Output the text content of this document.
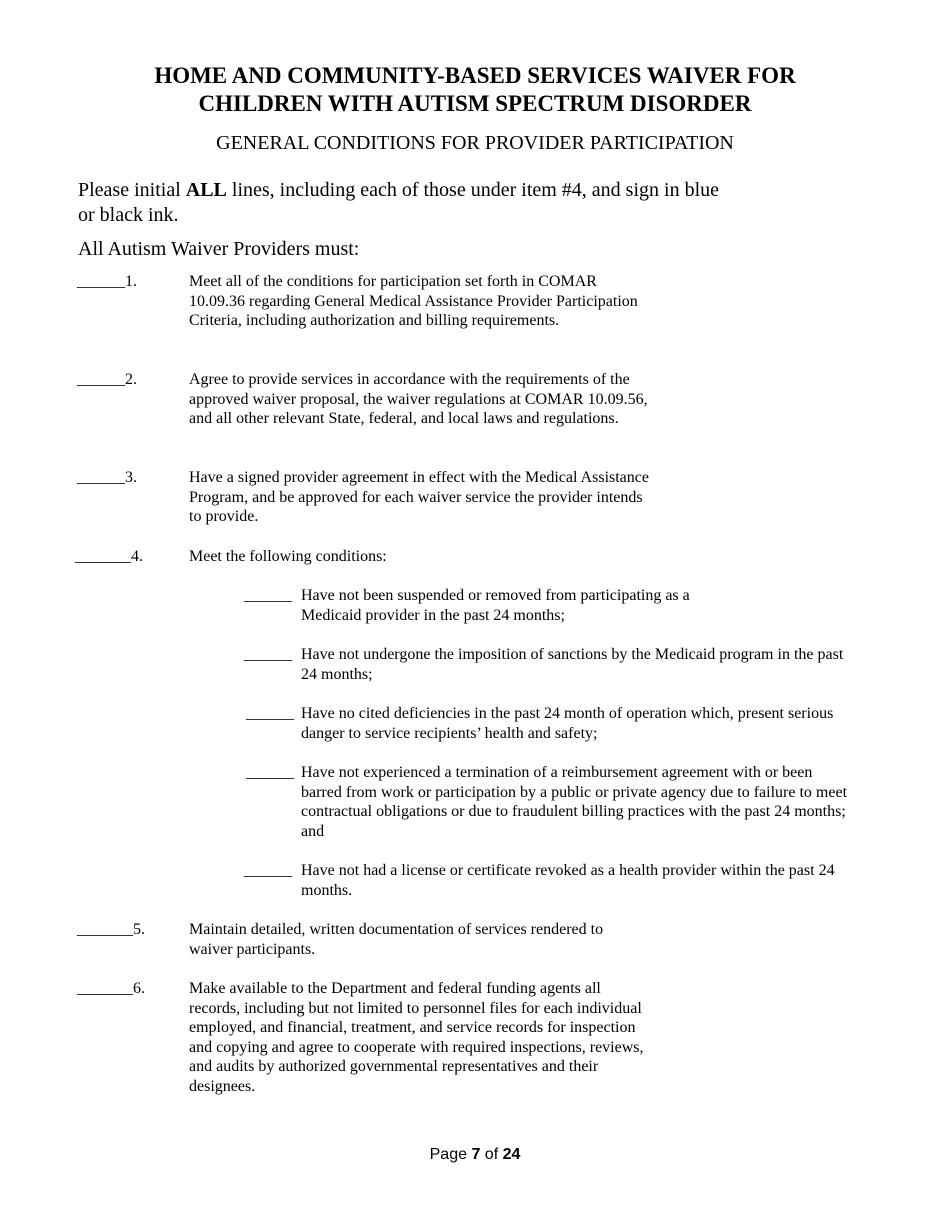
HOME AND COMMUNITY-BASED SERVICES WAIVER FOR
CHILDREN WITH AUTISM SPECTRUM DISORDER
GENERAL CONDITIONS FOR PROVIDER PARTICIPATION
Please initial ALL lines, including each of those under item #4, and sign in blue or black ink.
All Autism Waiver Providers must:
______1.	Meet all of the conditions for participation set forth in COMAR 10.09.36 regarding General Medical Assistance Provider Participation Criteria, including authorization and billing requirements.
______2.	Agree to provide services in accordance with the requirements of the approved waiver proposal, the waiver regulations at COMAR 10.09.56, and all other relevant State, federal, and local laws and regulations.
______3.	Have a signed provider agreement in effect with the Medical Assistance Program, and be approved for each waiver service the provider intends to provide.
_______4.	Meet the following conditions:
______ Have not been suspended or removed from participating as a Medicaid provider in the past 24 months;
______ Have not undergone the imposition of sanctions by the Medicaid program in the past 24 months;
______ Have no cited deficiencies in the past 24 month of operation which, present serious danger to service recipients’ health and safety;
______ Have not experienced a termination of a reimbursement agreement with or been barred from work or participation by a public or private agency due to failure to meet contractual obligations or due to fraudulent billing practices with the past 24 months; and
______ Have not had a license or certificate revoked as a health provider within the past 24 months.
_______5.	Maintain detailed, written documentation of services rendered to waiver participants.
_______6.	Make available to the Department and federal funding agents all records, including but not limited to personnel files for each individual employed, and financial, treatment, and service records for inspection and copying and agree to cooperate with required inspections, reviews, and audits by authorized governmental representatives and their designees.
Page 7 of 24
